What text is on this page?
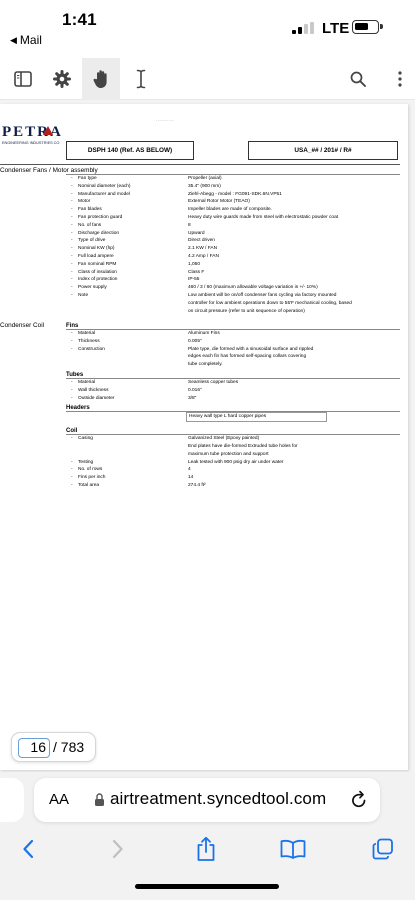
1:41
◀ Mail
LTE
- - - - - - - - - -
PETRA
ENGINEERING INDUSTRIES CO.
DSPH 140 (Ref. AS BELOW)	USA_## / 201# / R#
Condenser Fans / Motor assembly
- Fan type	Propeller (axial)
- Nominal diameter (each)	35.4" (900 mm)
- Manufacturer and model	Ziehl-Abegg - model : FG091-SDK.6N.VP51
- Motor	External Rotor Motor (TEAO)
- Fan blades	Impeller blades are made of composite.
- Fan protection guard	Heavy duty wire guards made from steel with electrostatic powder coat
- No. of fans	8
- Discharge direction	Upward
- Type of drive	Direct driven
- Nominal KW (hp)	2.1 KW / FAN
- Full load ampere	4.2 Amp / FAN
- Fan nominal RPM	1,050
- Class of insulation	Class F
- Index of protection	IP-55
- Power supply	460 / 3 / 60 (maximum allowable voltage variation is +/- 10%)
- Note	Low ambient will be on/off condenser fans cycling via factory mounted
controller for low ambient operations down to 55'F mechanical cooling, based
on circuit pressure (refer to unit sequence of operation)
Condenser Coil	Fins
- Material	Aluminum Fins
- Thickness	0.005"
- Construction	Plate type, die formed with a sinusoidal surface and rippled
edges each fin has formed self-spacing collars covering
tube completely.
Tubes
- Material	Seamless copper tubes
- Wall thickness	0.016"
- Outside diameter	3/8"
Headers
Heavy wall type L hard copper pipes
Coil
- Casing	Galvanized Steel (Epoxy painted)
End plates have die-formed Extruded tube holes for
maximum tube protection and support
- Testing	Leak tested with 900 psig dry air under water
- No. of rows	4
- Fins per inch	14
- Total area	274.4 ft²
16 / 783
AA airtreatment.syncedtool.com
